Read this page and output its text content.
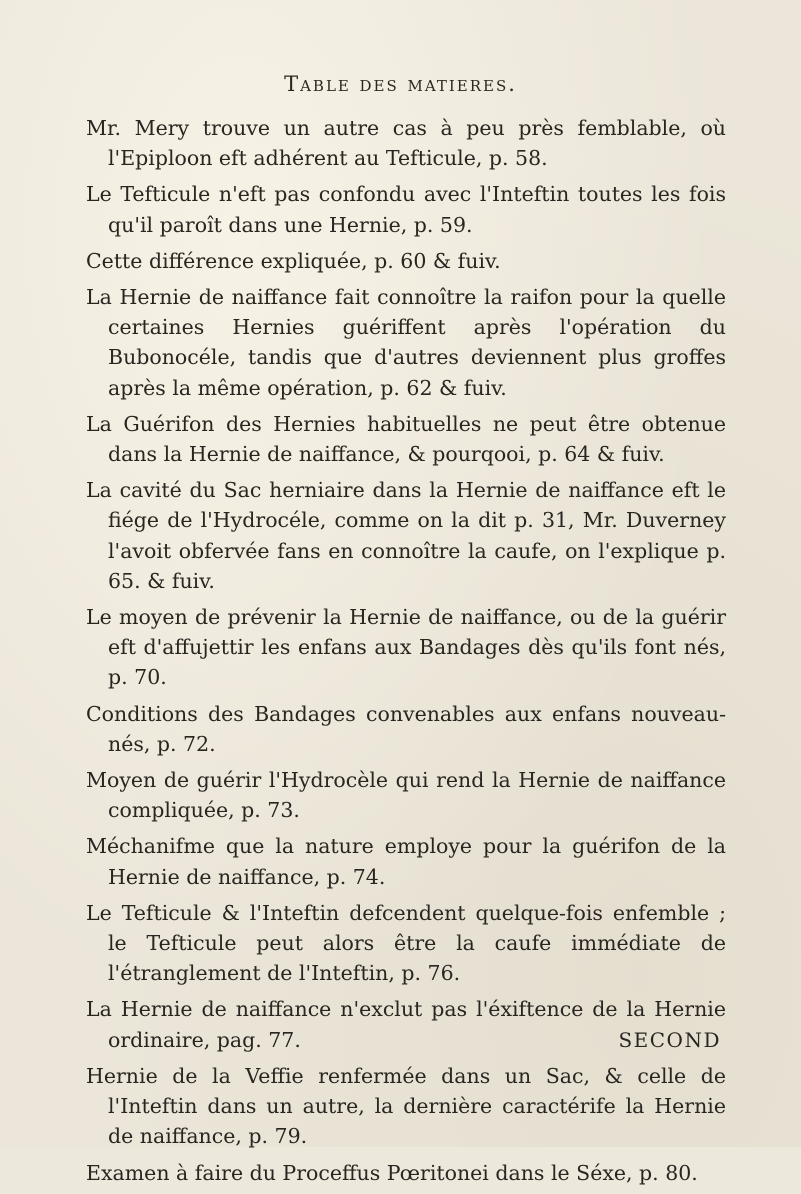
Table des matieres.

Mr. Mery trouve un autre cas à peu près femblable, où l'Epiploon eft adhérent au Tefticule, p. 58.

Le Tefticule n'eft pas confondu avec l'Inteftin toutes les fois qu'il paroît dans une Hernie, p. 59.

Cette différence expliquée, p. 60 & fuiv.

La Hernie de naiffance fait connoître la raifon pour la quelle certaines Hernies guériffent après l'opération du Bubonocéle, tandis que d'autres deviennent plus groffes après la même opération, p. 62 & fuiv.

La Guérifon des Hernies habituelles ne peut être obtenue dans la Hernie de naiffance, & pourqooi, p. 64 & fuiv.

La cavité du Sac herniaire dans la Hernie de naiffance eft le fiége de l'Hydrocéle, comme on la dit p. 31, Mr. Duverney l'avoit obfervée fans en connoître la caufe, on l'explique p. 65. & fuiv.

Le moyen de prévenir la Hernie de naiffance, ou de la guérir eft d'affujettir les enfans aux Bandages dès qu'ils font nés, p. 70.

Conditions des Bandages convenables aux enfans nouveau-nés, p. 72.

Moyen de guérir l'Hydrocèle qui rend la Hernie de naiffance compliquée, p. 73.

Méchanifme que la nature employe pour la guérifon de la Hernie de naiffance, p. 74.

Le Tefticule & l'Inteftin defcendent quelque-fois enfemble ; le Tefticule peut alors être la caufe immédiate de l'étranglement de l'Inteftin, p. 76.

La Hernie de naiffance n'exclut pas l'éxiftence de la Hernie ordinaire, pag. 77.

Hernie de la Veffie renfermée dans un Sac, & celle de l'Inteftin dans un autre, la dernière caractérife la Hernie de naiffance, p. 79.

Examen à faire du Proceffus Pœritonei dans le Séxe, p. 80.

SECOND
